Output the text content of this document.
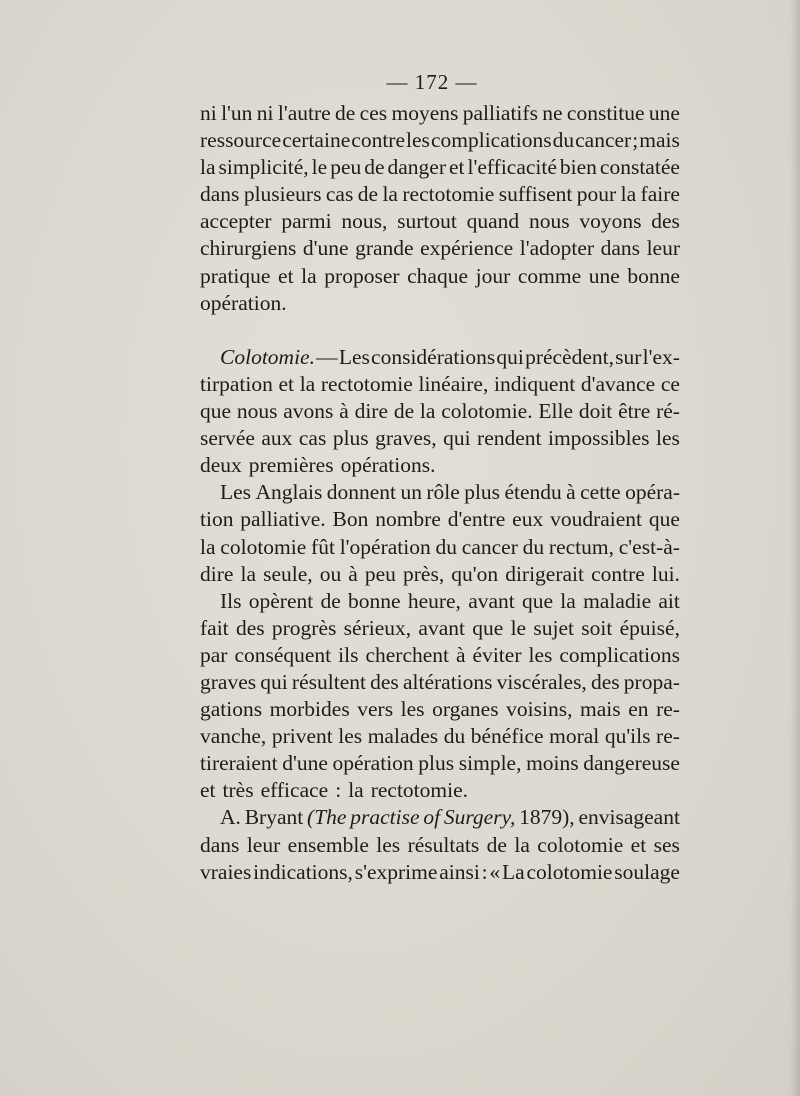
— 172 —
ni l'un ni l'autre de ces moyens palliatifs ne constitue une
ressource certaine contre les complications du cancer ; mais
la simplicité, le peu de danger et l'efficacité bien constatée
dans plusieurs cas de la rectotomie suffisent pour la faire
accepter parmi nous, surtout quand nous voyons des
chirurgiens d'une grande expérience l'adopter dans leur
pratique et la proposer chaque jour comme une bonne
opération.
Colotomie. — Les considérations qui précèdent, sur l'ex-
tirpation et la rectotomie linéaire, indiquent d'avance ce
que nous avons à dire de la colotomie. Elle doit être ré-
servée aux cas plus graves, qui rendent impossibles les
deux premières opérations.
Les Anglais donnent un rôle plus étendu à cette opéra-
tion palliative. Bon nombre d'entre eux voudraient que
la colotomie fût l'opération du cancer du rectum, c'est-à-
dire la seule, ou à peu près, qu'on dirigerait contre lui.
Ils opèrent de bonne heure, avant que la maladie ait
fait des progrès sérieux, avant que le sujet soit épuisé,
par conséquent ils cherchent à éviter les complications
graves qui résultent des altérations viscérales, des propa-
gations morbides vers les organes voisins, mais en re-
vanche, privent les malades du bénéfice moral qu'ils re-
tireraient d'une opération plus simple, moins dangereuse
et très efficace : la rectotomie.
A. Bryant (The practise of Surgery, 1879), envisageant
dans leur ensemble les résultats de la colotomie et ses
vraies indications, s'exprime ainsi : « La colotomie soulage
